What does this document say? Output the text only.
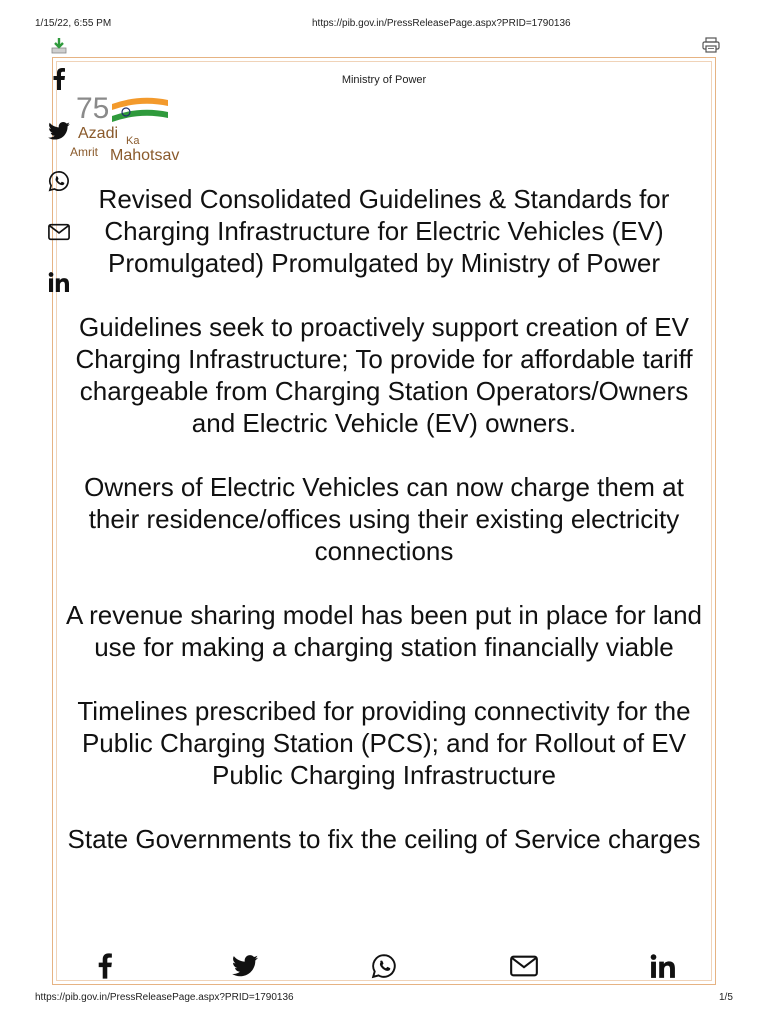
1/15/22, 6:55 PM	https://pib.gov.in/PressReleasePage.aspx?PRID=1790136
Ministry of Power
75
Azadi Ka
Amrit Mahotsav

Revised Consolidated Guidelines & Standards for Charging Infrastructure for Electric Vehicles (EV) Promulgated) Promulgated by Ministry of Power

Guidelines seek to proactively support creation of EV Charging Infrastructure; To provide for affordable tariff chargeable from Charging Station Operators/Owners and Electric Vehicle (EV) owners.

Owners of Electric Vehicles can now charge them at their residence/offices using their existing electricity connections

A revenue sharing model has been put in place for land use for making a charging station financially viable

Timelines prescribed for providing connectivity for the Public Charging Station (PCS); and for Rollout of EV Public Charging Infrastructure

State Governments to fix the ceiling of Service charges

https://pib.gov.in/PressReleasePage.aspx?PRID=1790136	1/5
